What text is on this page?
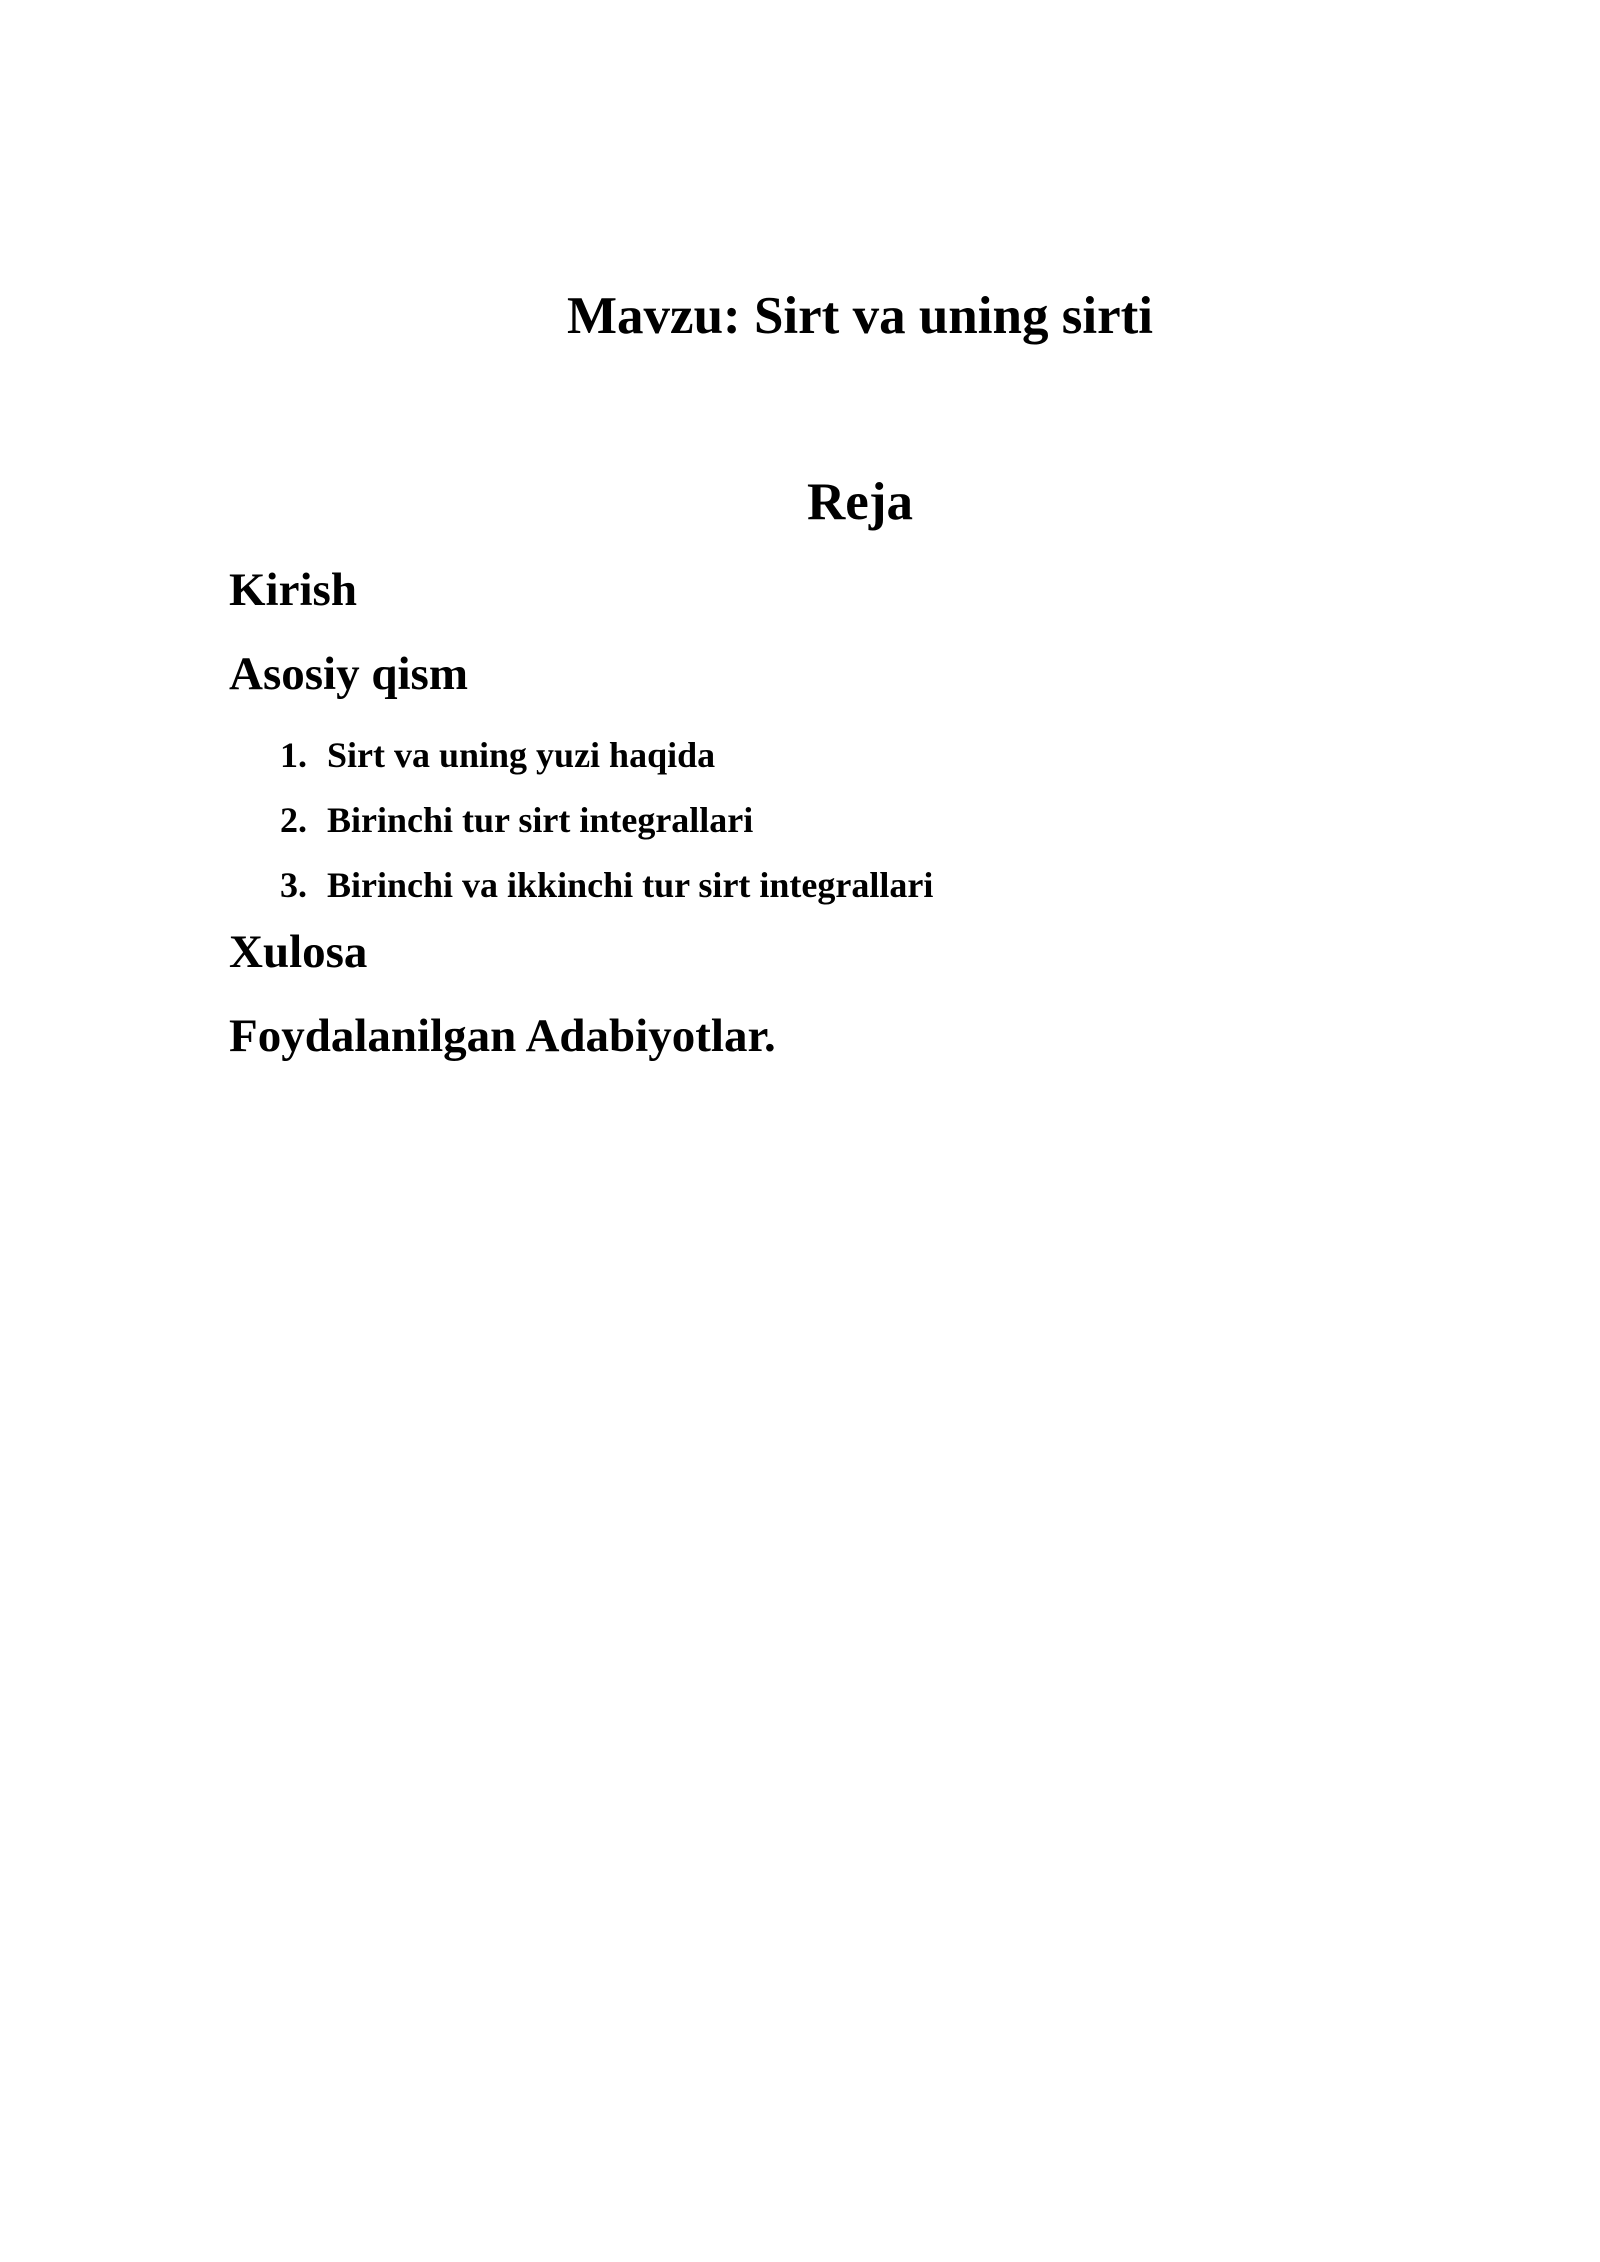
Mavzu: Sirt va uning sirti
Reja
Kirish
Asosiy qism
1. Sirt va uning yuzi haqida
2. Birinchi tur sirt integrallari
3. Birinchi va ikkinchi tur sirt integrallari
Xulosa
Foydalanilgan Adabiyotlar.
